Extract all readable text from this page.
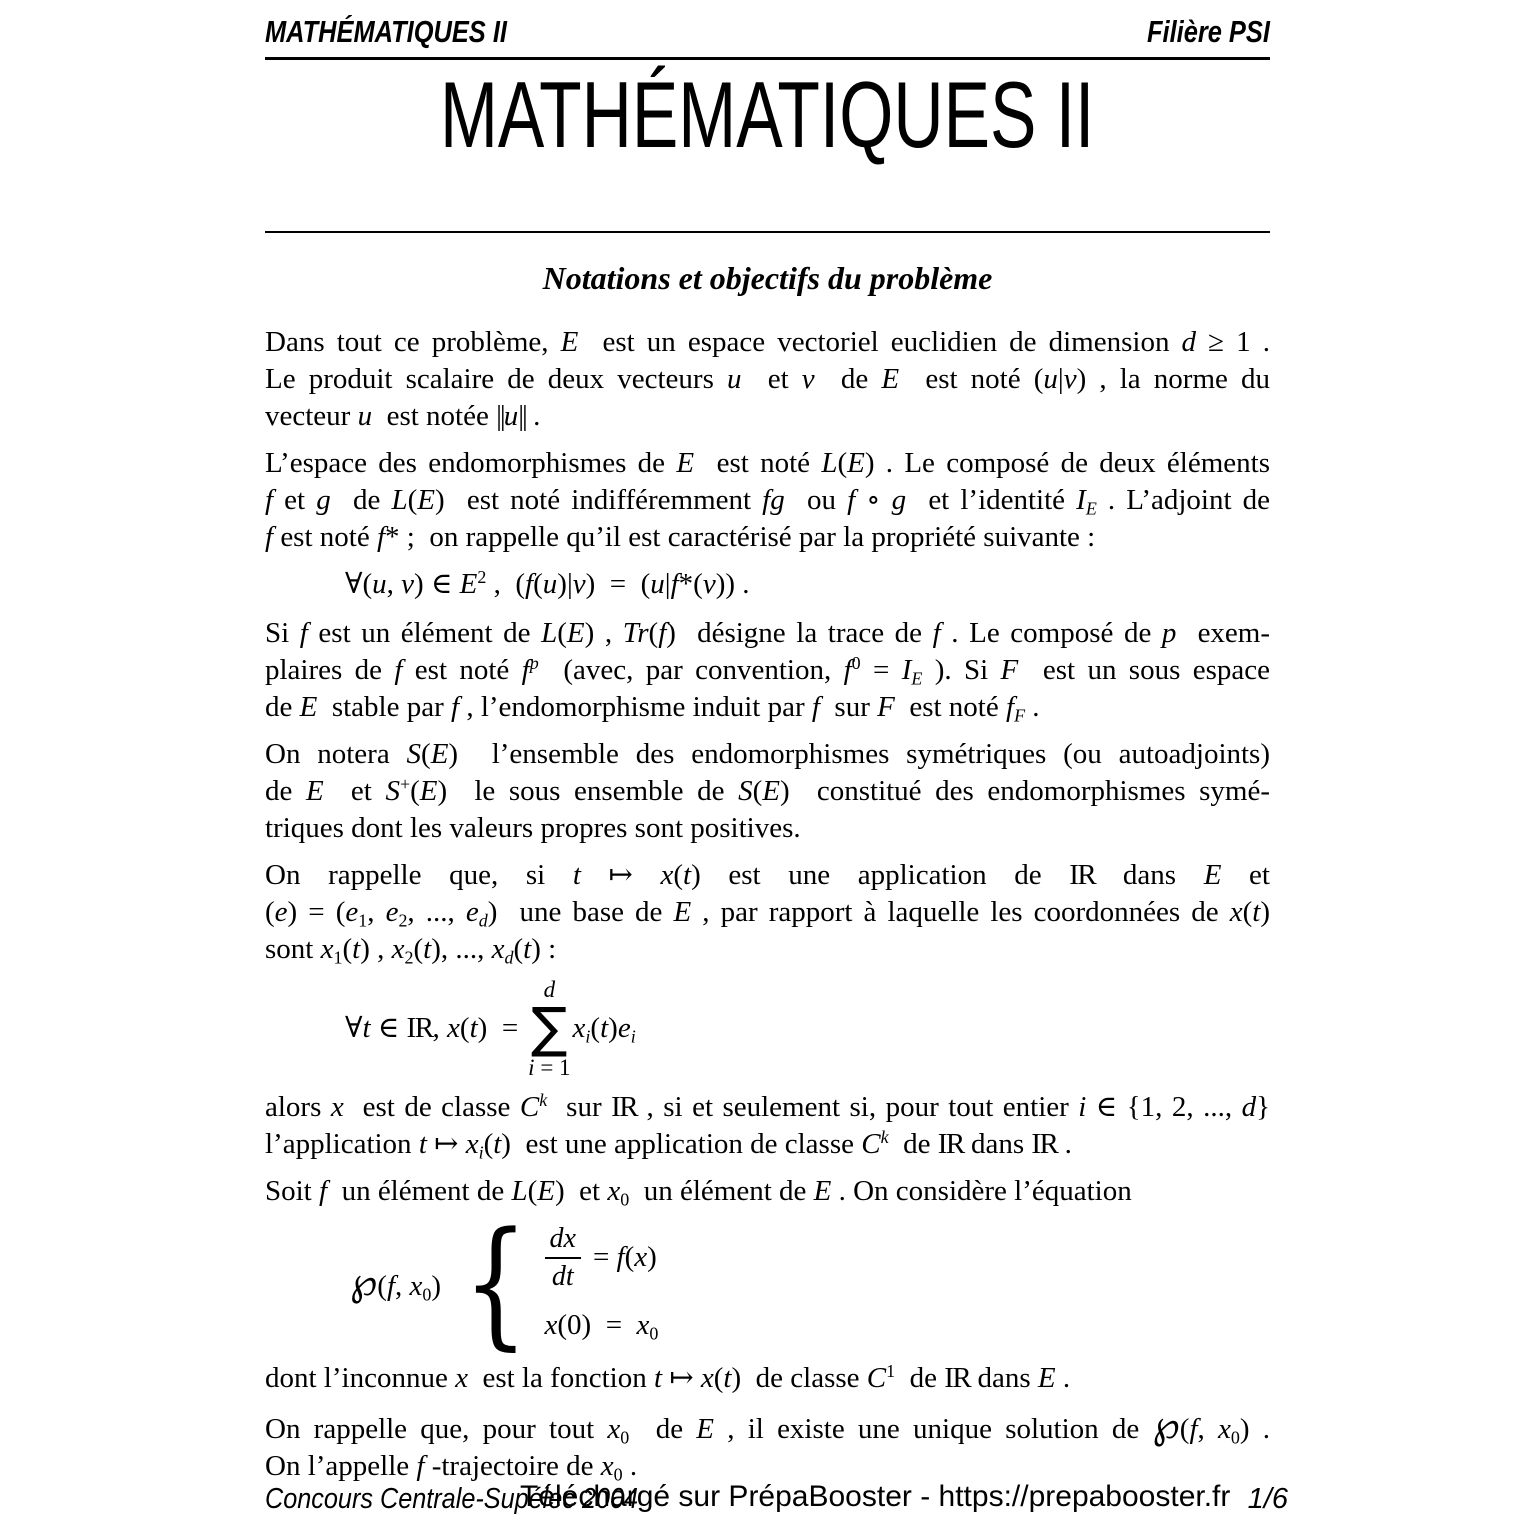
MATHÉMATIQUES II	Filière PSI
MATHÉMATIQUES II
Notations et objectifs du problème
Dans tout ce problème, E  est un espace vectoriel euclidien de dimension d ≥ 1 .
Le produit scalaire de deux vecteurs u  et v  de E  est noté (u|v) , la norme du
vecteur u  est notée ||u|| .
L’espace des endomorphismes de E  est noté L(E) . Le composé de deux éléments
f et g  de L(E)  est noté indifféremment fg  ou f ∘ g  et l’identité $I_E$ . L’adjoint de
f est noté f* ;  on rappelle qu’il est caractérisé par la propriété suivante :
∀(u, v) ∈ $E^2$ ,  (f(u)|v)  =  (u|f*(v)) .
Si f est un élément de L(E) , Tr(f)  désigne la trace de f . Le composé de p  exem-
plaires de f est noté $f^p$  (avec, par convention, $f^0 = I_E$ ). Si F  est un sous espace
de E  stable par f , l’endomorphisme induit par f  sur F  est noté $f_F$ .
On notera S(E)  l’ensemble des endomorphismes symétriques (ou autoadjoints)
de E  et S+(E)  le sous ensemble de S(E)  constitué des endomorphismes symé-
triques dont les valeurs propres sont positives.
On rappelle que, si t ↦ x(t) est une application de IR dans E et
$(e) = (e_1$, $e_2$, ..., $e_d$)  une base de E , par rapport à laquelle les coordonnées de x(t)
sont $x_1(t)$ , $x_2(t)$, ..., $x_d(t)$ :
∀t ∈ IR, x(t)  =
d
∑
i = 1
$x_i(t)e_i$
alors x  est de classe $C^k$  sur IR , si et seulement si, pour tout entier i ∈ {1, 2, ..., d}
l’application t ↦ $x_i(t)$  est une application de classe $C^k$  de IR dans IR .
Soit f  un élément de L(E)  et $x_0$  un élément de E . On considère l’équation
℘(f, $x_0$) { $\frac{dx}{dt} = f(x)$
$x(0) = x_0$
dont l’inconnue x  est la fonction t ↦ x(t)  de classe $C^1$  de IR dans E .
On rappelle que, pour tout $x_0$  de E , il existe une unique solution de ℘(f, $x_0$) .
On l’appelle f -trajectoire de $x_0$ .
Concours Centrale-Supélec 2004
Téléchargé sur PrépaBooster - https://prepabooster.fr 1/6
